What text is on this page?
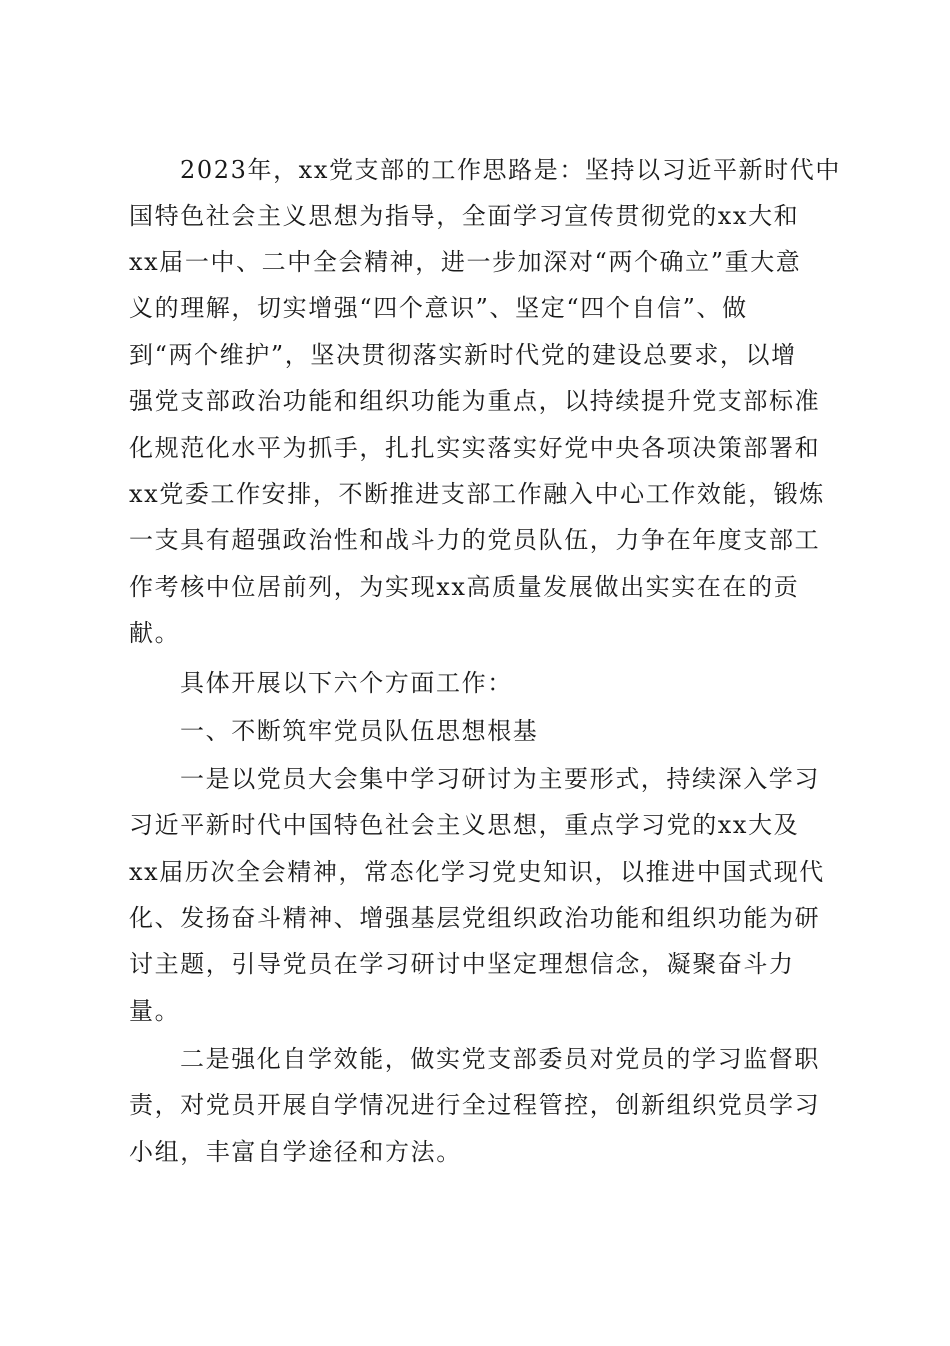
2023年，xx党支部的工作思路是：坚持以习近平新时代中
国特色社会主义思想为指导，全面学习宣传贯彻党的xx大和
xx届一中、二中全会精神，进一步加深对“两个确立”重大意
义的理解，切实增强“四个意识”、坚定“四个自信”、做
到“两个维护”，坚决贯彻落实新时代党的建设总要求，以增
强党支部政治功能和组织功能为重点，以持续提升党支部标准
化规范化水平为抓手，扎扎实实落实好党中央各项决策部署和
xx党委工作安排，不断推进支部工作融入中心工作效能，锻炼
一支具有超强政治性和战斗力的党员队伍，力争在年度支部工
作考核中位居前列，为实现xx高质量发展做出实实在在的贡
献。
具体开展以下六个方面工作：
一、不断筑牢党员队伍思想根基
一是以党员大会集中学习研讨为主要形式，持续深入学习
习近平新时代中国特色社会主义思想，重点学习党的xx大及
xx届历次全会精神，常态化学习党史知识，以推进中国式现代
化、发扬奋斗精神、增强基层党组织政治功能和组织功能为研
讨主题，引导党员在学习研讨中坚定理想信念，凝聚奋斗力
量。
二是强化自学效能，做实党支部委员对党员的学习监督职
责，对党员开展自学情况进行全过程管控，创新组织党员学习
小组，丰富自学途径和方法。
